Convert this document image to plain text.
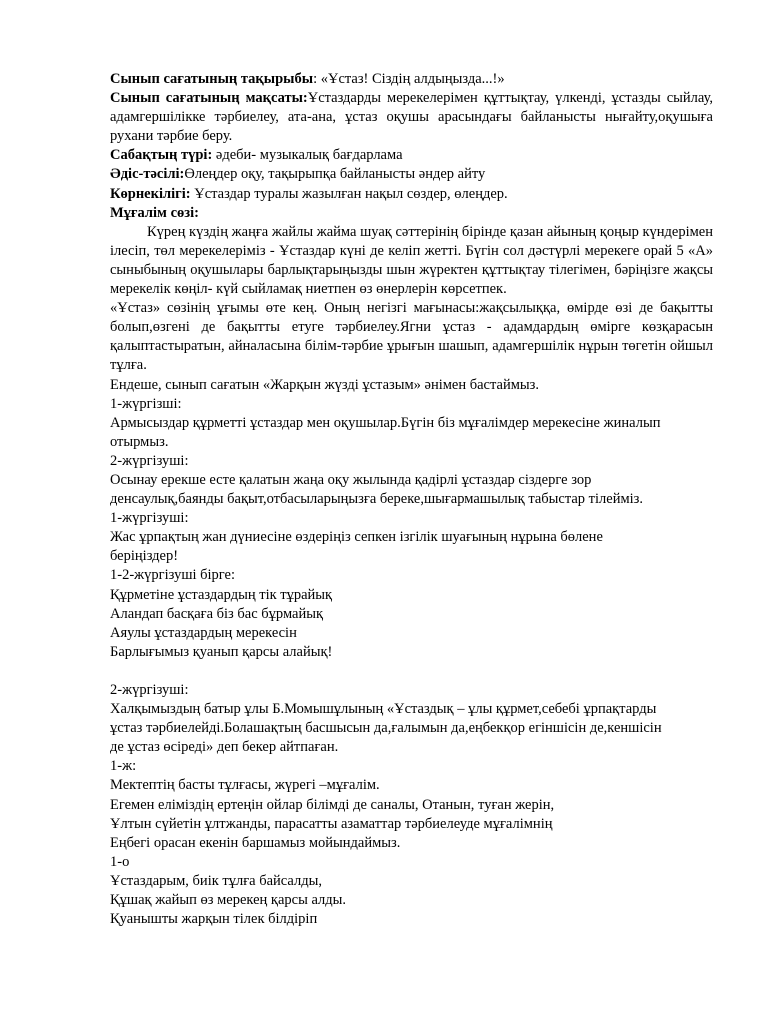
Сынып сағатының тақырыбы: «Ұстаз! Сіздің алдыңызда...!»

Сынып сағатының мақсаты:Ұстаздарды мерекелерімен құттықтау, үлкенді, ұстазды сыйлау, адамгершілікке тәрбиелеу, ата-ана, ұстаз оқушы арасындағы байланысты нығайту,оқушыға рухани тәрбие беру.

Сабақтың түрі: әдеби- музыкалық бағдарлама

Әдіс-тәсілі:Өлеңдер оқу, тақырыпқа байланысты әндер айту

Көрнекілігі: Ұстаздар туралы жазылған нақыл сөздер, өлеңдер.

Мұғалім сөзі:

Күрең күздің жаңға жайлы жайма шуақ сәттерінің бірінде қазан айының қоңыр күндерімен ілесіп, төл мерекелеріміз - Ұстаздар күні де келіп жетті. Бүгін сол дәстүрлі мерекеге орай 5 «А» сыныбының оқушылары барлықтарыңызды шын жүректен құттықтау тілегімен, бәріңізге жақсы мерекелік көңіл- күй сыйламақ ниетпен өз өнерлерін көрсетпек.

«Ұстаз» сөзінің ұғымы өте кең. Оның негізгі мағынасы:жақсылыққа, өмірде өзі де бақытты болып,өзгені де бақытты етуге тәрбиелеу.Ягни ұстаз - адамдардың өмірге көзқарасын қалыптастыратын, айналасына білім-тәрбие ұрығын шашып, адамгершілік нұрын төгетін ойшыл тұлға.

Ендеше, сынып сағатын «Жарқын жүзді ұстазым» әнімен бастаймыз.

1-жүргізші:

Армысыздар құрметті ұстаздар мен оқушылар.Бүгін біз мұғалімдер мерекесіне жиналып

отырмыз.

2-жүргізуші:

Осынау ерекше есте қалатын жаңа оқу жылында қадірлі ұстаздар сіздерге зор

денсаулық,баянды бақыт,отбасыларыңызға береке,шығармашылық табыстар тілейміз.

1-жүргізуші:

Жас ұрпақтың жан дүниесіне өздеріңіз сепкен ізгілік шуағының нұрына бөлене

беріңіздер!

1-2-жүргізуші бірге:

Құрметіне ұстаздардың тік тұрайық

Аландап басқаға біз бас бұрмайық

Аяулы ұстаздардың мерекесін

Барлығымыз қуанып қарсы алайық!

2-жүргізуші:

Халқымыздың батыр ұлы Б.Момышұлының «Ұстаздық – ұлы құрмет,себебі ұрпақтарды

ұстаз тәрбиелейді.Болашақтың басшысын да,ғалымын да,еңбекқор егіншісін де,кеншісін

де ұстаз өсіреді» деп бекер айтпаған.

1-ж:

Мектептің басты тұлғасы, жүрегі –мұғалім.

Егемен еліміздің ертеңін ойлар білімді де саналы, Отанын, туған жерін,

Ұлтын сүйетін ұлтжанды, парасатты азаматтар тәрбиелеуде мұғалімнің

Еңбегі орасан екенін баршамыз мойындаймыз.

1-о

Ұстаздарым, биік тұлға байсалды,

Құшақ жайып өз мерекең қарсы алды.

Қуанышты жарқын тілек білдіріп
